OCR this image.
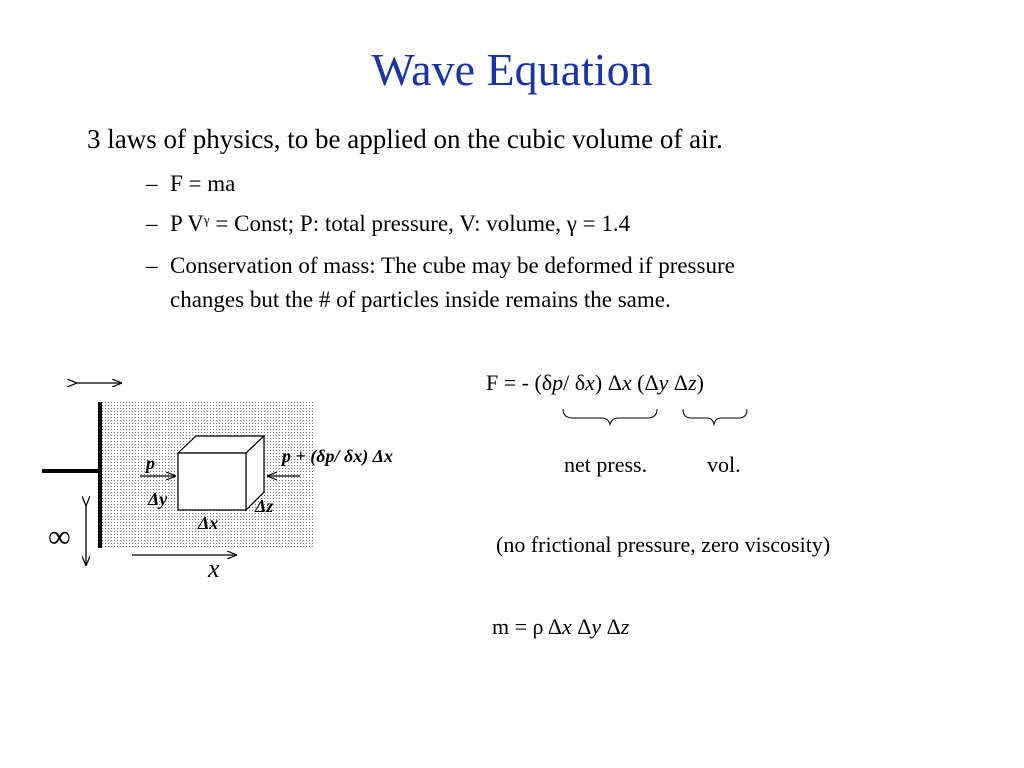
Wave Equation
3 laws of physics, to be applied on the cubic volume of air.
– F = ma
– P $V^\gamma$ = Const; P: total pressure, V: volume, γ = 1.4
– Conservation of mass: The cube may be deformed if pressure
changes but the # of particles inside remains the same.
∞
x
p	p + (δp/ δx) Δx
Δy	Δz
Δx
F = - (δp/ δx) Δx (Δy Δz)
net press.	vol.
(no frictional pressure, zero viscosity)
m = ρ Δx Δy Δz
